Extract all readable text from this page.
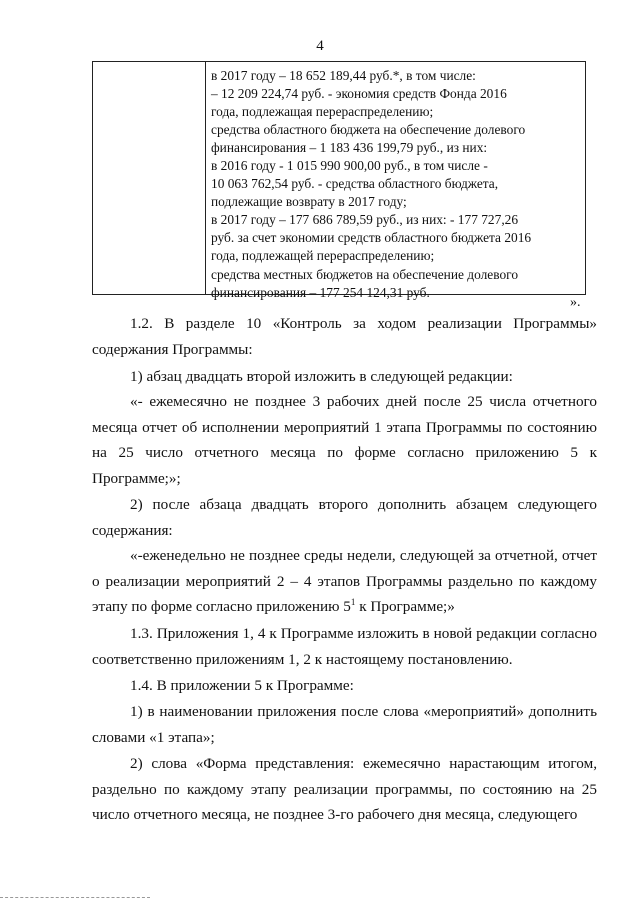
4
в 2017 году – 18 652 189,44 руб.*, в том числе:
– 12 209 224,74 руб. - экономия средств Фонда 2016
года, подлежащая перераспределению;
средства областного бюджета на обеспечение долевого
финансирования – 1 183 436 199,79 руб., из них:
в 2016 году - 1 015 990 900,00 руб., в том числе -
10 063 762,54 руб. - средства областного бюджета,
подлежащие возврату в 2017 году;
в 2017 году – 177 686 789,59 руб., из них: - 177 727,26
руб. за счет экономии средств областного бюджета 2016
года, подлежащей перераспределению;
средства местных бюджетов на обеспечение долевого
финансирования – 177 254 124,31 руб.
».
1.2. В разделе 10 «Контроль за ходом реализации Программы» содержания Программы:
1) абзац двадцать второй изложить в следующей редакции:
«- ежемесячно не позднее 3 рабочих дней после 25 числа отчетного месяца отчет об исполнении мероприятий 1 этапа Программы по состоянию на 25 число отчетного месяца по форме согласно приложению 5 к Программе;»;
2) после абзаца двадцать второго дополнить абзацем следующего содержания:
«-еженедельно не позднее среды недели, следующей за отчетной, отчет о реализации мероприятий 2 – 4 этапов Программы раздельно по каждому этапу по форме согласно приложению $5^1$ к Программе;»
1.3. Приложения 1, 4 к Программе изложить в новой редакции согласно соответственно приложениям 1, 2 к настоящему постановлению.
1.4. В приложении 5 к Программе:
1) в наименовании приложения после слова «мероприятий» дополнить словами «1 этапа»;
2) слова «Форма представления: ежемесячно нарастающим итогом, раздельно по каждому этапу реализации программы, по состоянию на 25 число отчетного месяца, не позднее 3-го рабочего дня месяца, следующего
